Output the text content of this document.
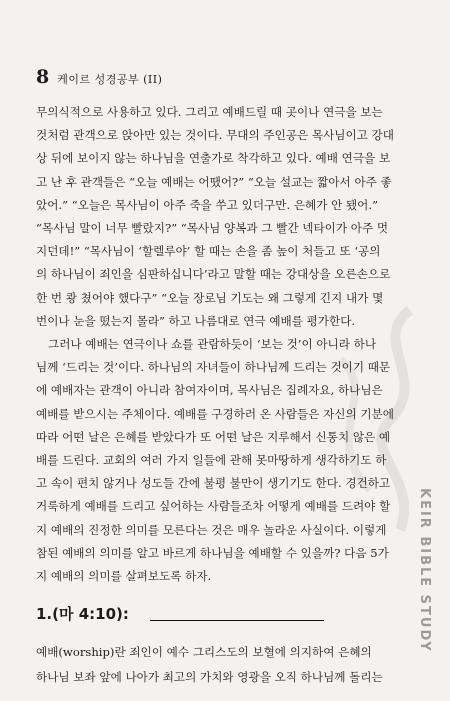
8 케이르 성경공부 (II)
무의식적으로 사용하고 있다. 그리고 예배드릴 때 곳이나 연극을 보는
것처럼 관객으로 앉아만 있는 것이다. 무대의 주인공은 목사님이고 강대
상 뒤에 보이지 않는 하나님을 연출가로 착각하고 있다. 예배 연극을 보
고 난 후 관객들은 “오늘 예배는 어땠어?” “오늘 설교는 짧아서 아주 좋
았어.” “오늘은 목사님이 아주 죽을 쑤고 있더구만. 은혜가 안 됐어.”
“목사님 말이 너무 빨랐지?” “목사님 양복과 그 빨간 넥타이가 아주 멋
지던데!” “목사님이 ‘할렐루야’ 할 때는 손을 좀 높이 처들고 또 ‘공의
의 하나님이 죄인을 심판하십니다’라고 말할 때는 강대상을 오른손으로
한 번 쾅 쳤어야 했다구” “오늘 장로님 기도는 왜 그렇게 긴지 내가 몇
번이나 눈을 떴는지 몰라” 하고 나름대로 연극 예배를 평가한다.
그러나 예배는 연극이나 쇼를 관람하듯이 ‘보는 것’이 아니라 하나
님께 ‘드리는 것’이다. 하나님의 자녀들이 하나님께 드리는 것이기 때문
에 예배자는 관객이 아니라 참여자이며, 목사님은 집례자요, 하나님은
예배를 받으시는 주체이다. 예배를 구경하러 온 사람들은 자신의 기분에
따라 어떤 날은 은혜를 받았다가 또 어떤 날은 지루해서 신통치 않은 예
배를 드린다. 교회의 여러 가지 일들에 관해 못마땅하게 생각하기도 하
고 속이 편치 않거나 성도들 간에 불평 불만이 생기기도 한다. 경건하고
거룩하게 예배를 드리고 싶어하는 사람들조차 어떻게 예배를 드려야 할
지 예배의 진정한 의미를 모른다는 것은 매우 놀라운 사실이다. 이렇게
참된 예배의 의미를 알고 바르게 하나님을 예배할 수 있을까? 다음 5가
지 예배의 의미를 살펴보도록 하자.	KEIR BIBLE STUDY
1.(마 4:10):
예배(worship)란 죄인이 예수 그리스도의 보혈에 의지하여 은혜의
하나님 보좌 앞에 나아가 최고의 가치와 영광을 오직 하나님께 돌리는
